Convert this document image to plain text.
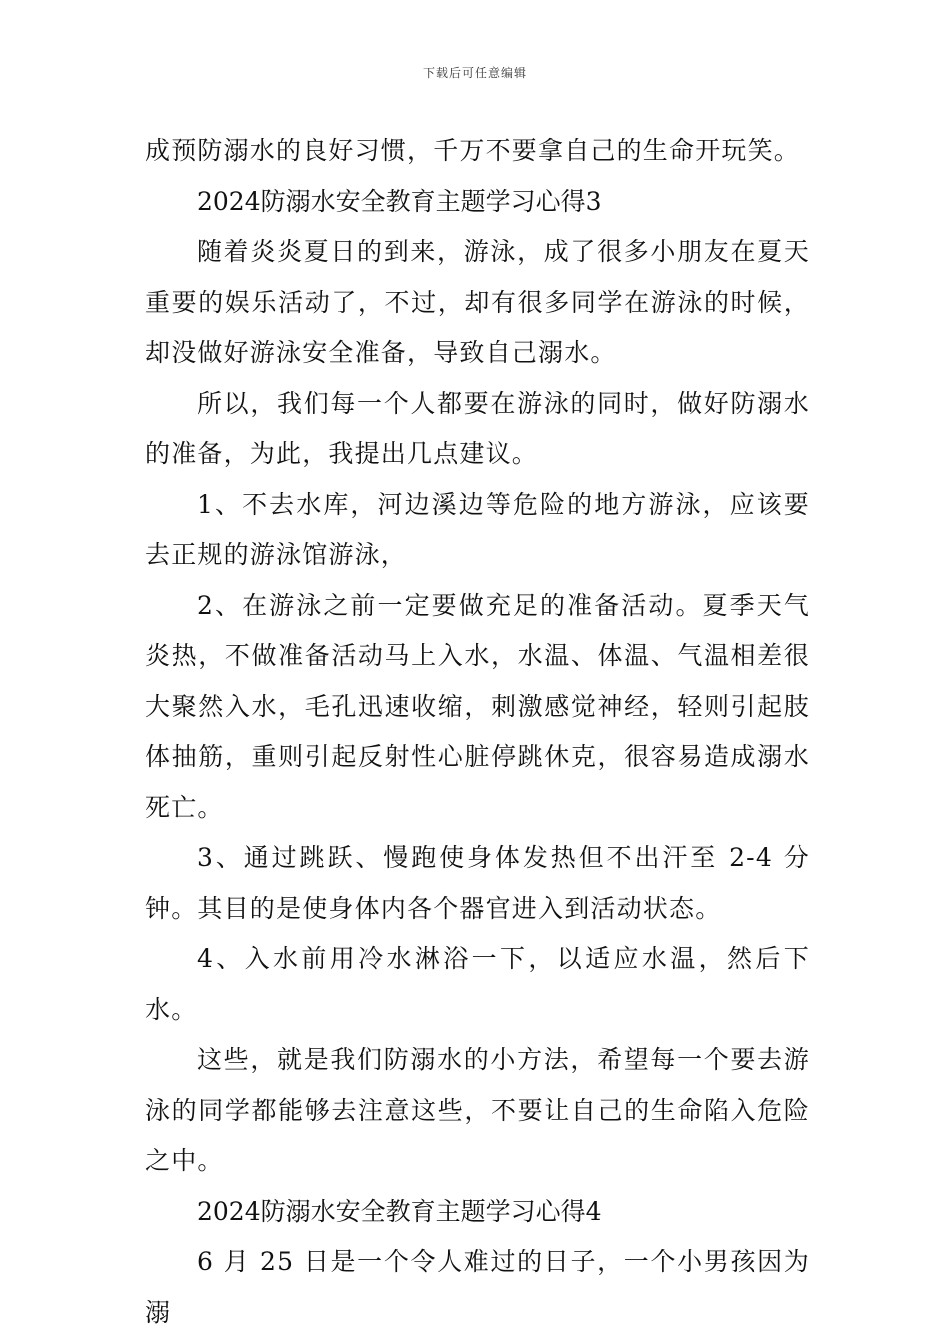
下载后可任意编辑

成预防溺水的良好习惯，千万不要拿自己的生命开玩笑。

2024防溺水安全教育主题学习心得3

随着炎炎夏日的到来，游泳，成了很多小朋友在夏天重要的娱乐活动了，不过，却有很多同学在游泳的时候，却没做好游泳安全准备，导致自己溺水。

所以，我们每一个人都要在游泳的同时，做好防溺水的准备，为此，我提出几点建议。

1、不去水库，河边溪边等危险的地方游泳，应该要去正规的游泳馆游泳，

2、在游泳之前一定要做充足的准备活动。夏季天气炎热，不做准备活动马上入水，水温、体温、气温相差很大聚然入水，毛孔迅速收缩，刺激感觉神经，轻则引起肢体抽筋，重则引起反射性心脏停跳休克，很容易造成溺水死亡。

3、通过跳跃、慢跑使身体发热但不出汗至 2-4 分钟。其目的是使身体内各个器官进入到活动状态。

4、入水前用冷水淋浴一下，以适应水温，然后下水。

这些，就是我们防溺水的小方法，希望每一个要去游泳的同学都能够去注意这些，不要让自己的生命陷入危险之中。

2024防溺水安全教育主题学习心得4

6 月 25 日是一个令人难过的日子，一个小男孩因为溺
